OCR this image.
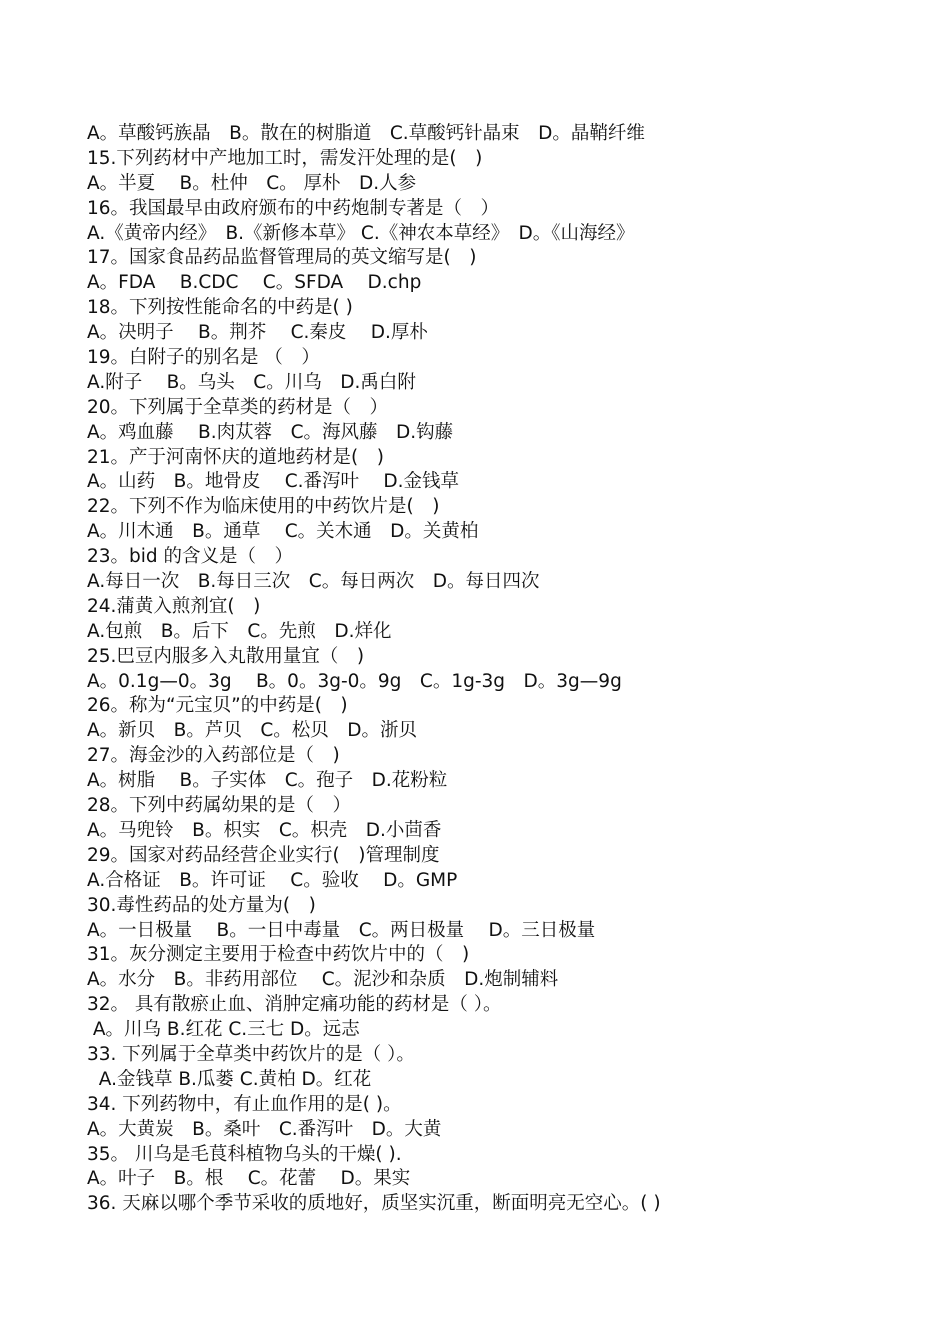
A。草酸钙族晶　B。散在的树脂道　C.草酸钙针晶束　D。晶鞘纤维
15.下列药材中产地加工时，需发汗处理的是(　)
A。半夏　 B。杜仲　C。 厚朴　D.人参
16。我国最早由政府颁布的中药炮制专著是（　）
A.《黄帝内经》　B.《新修本草》 C.《神农本草经》　D。《山海经》
17。国家食品药品监督管理局的英文缩写是(　)
A。FDA　 B.CDC　 C。SFDA　 D.chp
18。下列按性能命名的中药是( )
A。决明子　 B。荆芥　 C.秦皮　 D.厚朴
19。白附子的别名是 （　）
A.附子　 B。乌头　C。川乌　D.禹白附
20。下列属于全草类的药材是（　）
A。鸡血藤　 B.肉苁蓉　C。海风藤　D.钩藤
21。产于河南怀庆的道地药材是(　)
A。山药　B。地骨皮　 C.番泻叶　 D.金钱草
22。下列不作为临床使用的中药饮片是(　)
A。川木通　B。通草　 C。关木通　D。关黄柏
23。bid 的含义是（　）
A.每日一次　B.每日三次　C。每日两次　D。每日四次
24.蒲黄入煎剂宜(　)
A.包煎　B。后下　C。先煎　D.烊化
25.巴豆内服多入丸散用量宜（　)
A。0.1g—0。3g　 B。0。3g-0。9g　C。1g-3g　D。3g—9g
26。称为“元宝贝”的中药是(　)
A。新贝　B。芦贝　C。松贝　D。浙贝
27。海金沙的入药部位是（　)
A。树脂　 B。子实体　C。孢子　D.花粉粒
28。下列中药属幼果的是（　）
A。马兜铃　B。枳实　C。枳壳　D.小茴香
29。国家对药品经营企业实行(　)管理制度
A.合格证　B。许可证　 C。验收　 D。GMP
30.毒性药品的处方量为(　)
A。一日极量　 B。一日中毒量　C。两日极量　 D。三日极量
31。灰分测定主要用于检查中药饮片中的（　)
A。水分　B。非药用部位　 C。泥沙和杂质　D.炮制辅料
32。 具有散瘀止血、消肿定痛功能的药材是（ ）。
A。川乌 B.红花 C.三七 D。远志
33. 下列属于全草类中药饮片的是（ ）。
A.金钱草 B.瓜蒌 C.黄柏 D。红花
34. 下列药物中，有止血作用的是( )。
A。大黄炭　B。桑叶　C.番泻叶　D。大黄
35。 川乌是毛茛科植物乌头的干燥( ).
A。叶子　B。根　 C。花蕾　 D。果实
36. 天麻以哪个季节采收的质地好，质坚实沉重，断面明亮无空心。( )
